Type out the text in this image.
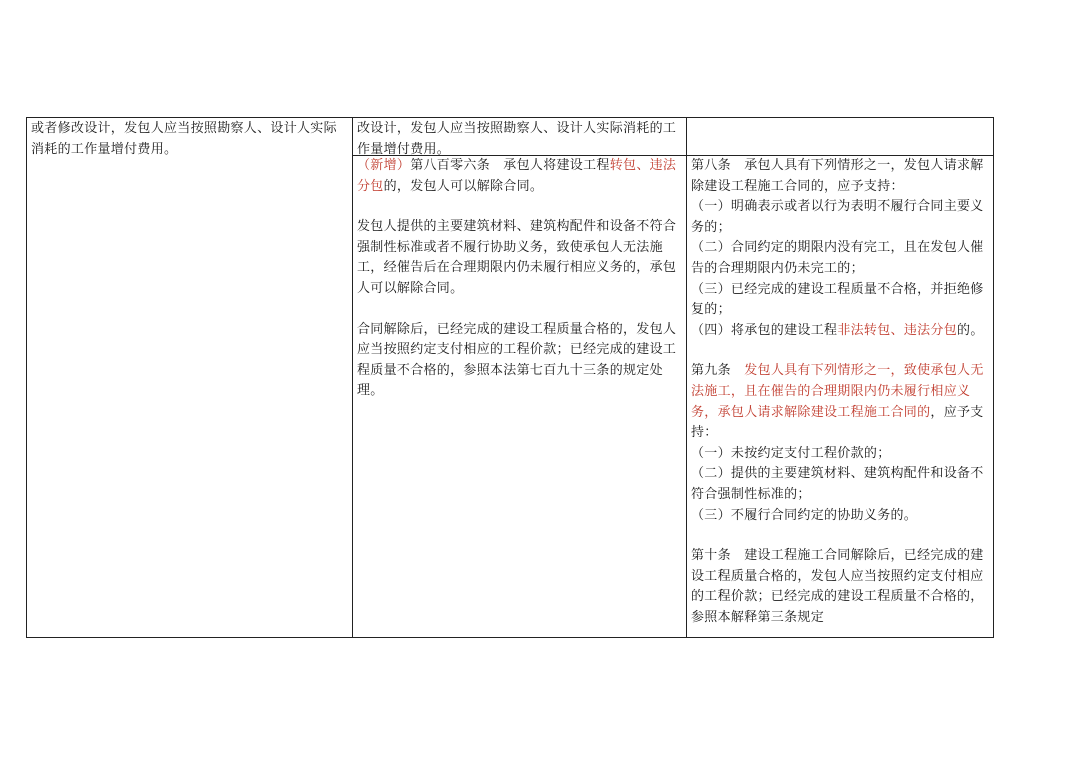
或者修改设计，发包人应当按照勘察人、设计人实际消耗的工作量增付费用。

改设计，发包人应当按照勘察人、设计人实际消耗的工作量增付费用。

（新增）第八百零六条　承包人将建设工程转包、违法分包的，发包人可以解除合同。

发包人提供的主要建筑材料、建筑构配件和设备不符合强制性标准或者不履行协助义务，致使承包人无法施工，经催告后在合理期限内仍未履行相应义务的，承包人可以解除合同。

合同解除后，已经完成的建设工程质量合格的，发包人应当按照约定支付相应的工程价款；已经完成的建设工程质量不合格的，参照本法第七百九十三条的规定处理。

第八条　承包人具有下列情形之一，发包人请求解除建设工程施工合同的，应予支持：

（一）明确表示或者以行为表明不履行合同主要义务的；

（二）合同约定的期限内没有完工，且在发包人催告的合理期限内仍未完工的；

（三）已经完成的建设工程质量不合格，并拒绝修复的；

（四）将承包的建设工程非法转包、违法分包的。

第九条　 发包人具有下列情形之一，致使承包人无法施工，且在催告的合理期限内仍未履行相应义务，承包人请求解除建设工程施工合同的，应予支持：

（一）未按约定支付工程价款的；

（二）提供的主要建筑材料、建筑构配件和设备不符合强制性标准的；

（三）不履行合同约定的协助义务的。

第十条　建设工程施工合同解除后，已经完成的建设工程质量合格的，发包人应当按照约定支付相应的工程价款；已经完成的建设工程质量不合格的，参照本解释第三条规定
